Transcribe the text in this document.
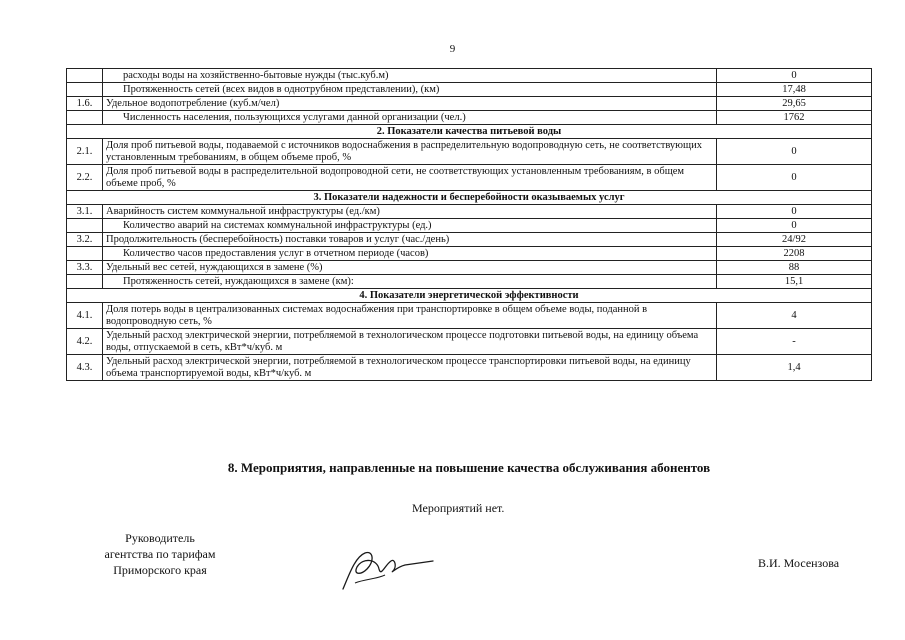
9
	расходы воды на хозяйственно-бытовые нужды (тыс.куб.м)	0
	Протяженность сетей (всех видов в однотрубном представлении), (км)	17,48
1.6.	Удельное водопотребление (куб.м/чел)	29,65
	Численность населения, пользующихся услугами данной организации (чел.)	1762
2. Показатели качества питьевой воды		
2.1.	Доля проб питьевой воды, подаваемой с источников водоснабжения в распределительную водопроводную сеть, не соответствующих установленным требованиям, в общем объеме проб, %	0
2.2.	Доля проб питьевой воды в распределительной водопроводной сети, не соответствующих установленным требованиям, в общем объеме проб, %	0
3. Показатели надежности и бесперебойности оказываемых услуг		
3.1.	Аварийность систем коммунальной инфраструктуры (ед./км)	0
	Количество аварий на системах коммунальной инфраструктуры (ед.)	0
3.2.	Продолжительность (бесперебойность) поставки товаров и услуг (час./день)	24/92
	Количество часов предоставления услуг в отчетном периоде (часов)	2208
3.3.	Удельный вес сетей, нуждающихся в замене (%)	88
	Протяженность сетей, нуждающихся в замене (км):	15,1
4. Показатели энергетической эффективности		
4.1.	Доля потерь воды в централизованных системах водоснабжения при транспортировке в общем объеме воды, поданной в водопроводную сеть, %	4
4.2.	Удельный расход электрической энергии, потребляемой в технологическом процессе подготовки питьевой воды, на единицу объема воды, отпускаемой в сеть, кВт*ч/куб. м	-
4.3.	Удельный расход электрической энергии, потребляемой в технологическом процессе транспортировки питьевой воды, на единицу объема транспортируемой воды, кВт*ч/куб. м	1,4
8. Мероприятия, направленные на повышение качества обслуживания абонентов
Мероприятий нет.
Руководитель
агентства по тарифам
Приморского края	В.И. Мосензова
